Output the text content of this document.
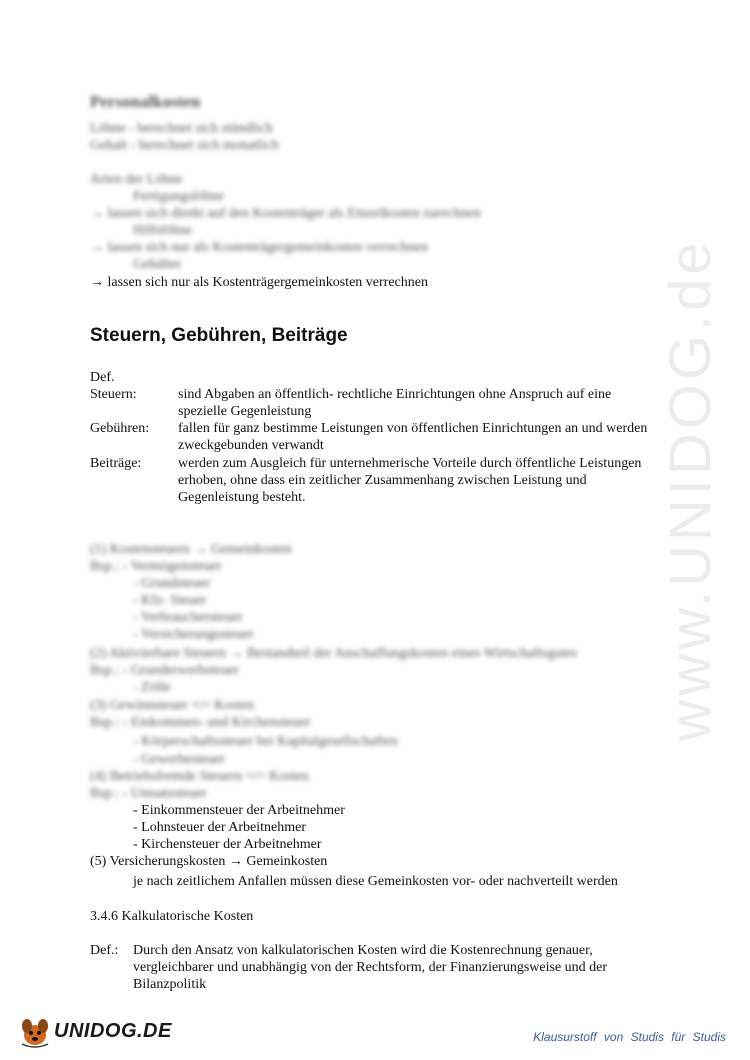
www.UNIDOG.de
Personalkosten
Löhne - berechnet sich stündlich
Gehalt - berechnet sich monatlich
Arten der Löhne
Fertigungslöhne
→ lassen sich direkt auf den Kostenträger als Einzelkosten zurechnen
Hilfslöhne
→ lassen sich nur als Kostenträgergemeinkosten verrechnen
Gehälter
→ lassen sich nur als Kostenträgergemeinkosten verrechnen
Steuern, Gebühren, Beiträge
Def.
Steuern:	sind Abgaben an öffentlich- rechtliche Einrichtungen ohne Anspruch auf eine spezielle Gegenleistung
Gebühren:	fallen für ganz bestimme Leistungen von öffentlichen Einrichtungen an und werden zweckgebunden verwandt
Beiträge:	werden zum Ausgleich für unternehmerische Vorteile durch öffentliche Leistungen erhoben, ohne dass ein zeitlicher Zusammenhang zwischen Leistung und Gegenleistung besteht.
(1) Kostensteuern → Gemeinkosten
Bsp.: - Vermögensteuer
- Grundsteuer
- Kfz- Steuer
- Verbrauchersteuer
- Versicherungssteuer
(2) Aktivierbare Steuern → Bestandteil der Anschaffungskosten eines Wirtschaftsgutes
Bsp.: - Grunderwerbsteuer
- Zölle
(3) Gewinnsteuer =/= Kosten
Bsp.: - Einkommen- und Kirchensteuer
- Körperschaftssteuer bei Kapitalgesellschaften
- Gewerbesteuer
(4) Betriebsfremde Steuern =/= Kosten
Bsp.: - Umsatzsteuer
- Einkommensteuer der Arbeitnehmer
- Lohnsteuer der Arbeitnehmer
- Kirchensteuer der Arbeitnehmer
(5) Versicherungskosten → Gemeinkosten
je nach zeitlichem Anfallen müssen diese Gemeinkosten vor- oder nachverteilt werden
3.4.6 Kalkulatorische Kosten
Def.: Durch den Ansatz von kalkulatorischen Kosten wird die Kostenrechnung genauer,
vergleichbarer und unabhängig von der Rechtsform, der Finanzierungsweise und der
Bilanzpolitik
UNIDOG.DE	Klausurstoff von Studis für Studis
